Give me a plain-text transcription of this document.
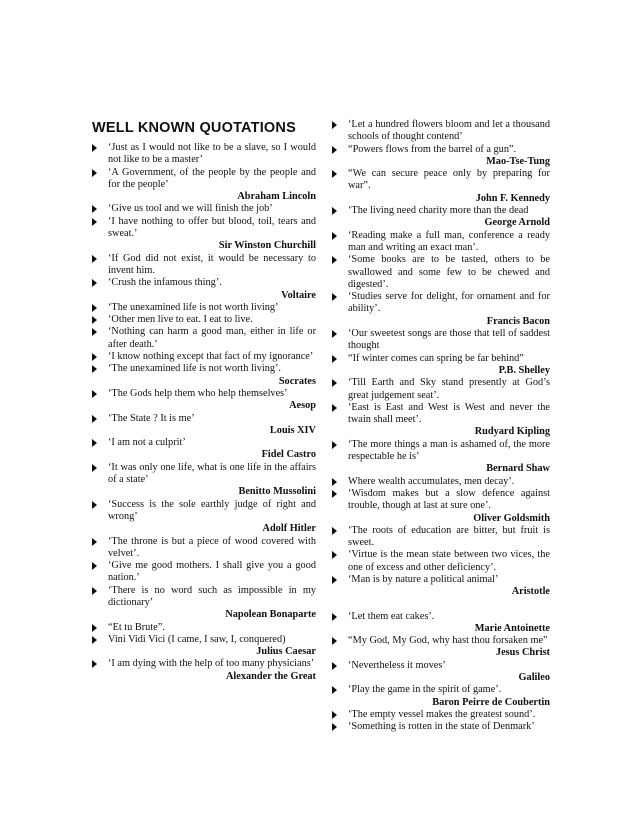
WELL KNOWN QUOTATIONS
‘Just as I would not like to be a slave, so I would not like to be a master’
‘A Government, of the people by the people and for the people’
Abraham Lincoln
‘Give us tool and we will finish the job’
‘I have nothing to offer but blood, toil, tears and sweat.’
Sir Winston Churchill
‘If God did not exist, it would be necessary to invent him.
‘Crush the infamous thing’.
Voltaire
‘The unexamined life is not worth living’
‘Other men live to eat. I eat to live.
‘Nothing can harm a good man, either in life or after death.’
‘I know nothing except that fact of my ignorance’
‘The unexamined life is not worth living’.
Socrates
‘The Gods help them who help themselves’
Aesop
‘The State ? It is me’
Louis XIV
‘I am not a culprit’
Fidel Castro
‘It was only one life, what is one life in the affairs of a state’
Benitto Mussolini
‘Success is the sole earthly judge of right and wrong’
Adolf Hitler
‘The throne is but a piece of wood covered with velvet’.
‘Give me good mothers. I shall give you a good nation.’
‘There is no word such as impossible in my dictionary’
Napolean Bonaparte
“Et tu Brute”.
Vini Vidi Vici (I came, I saw, I, conquered)
Julius Caesar
‘I am dying with the help of too many physicians’
Alexander the Great
‘Let a hundred flowers bloom and let a thousand schools of thought contend’
“Powers flows from the barrel of a gun”.
Mao-Tse-Tung
“We can secure peace only by preparing for war”.
John F. Kennedy
‘The living need charity more than the dead
George Arnold
‘Reading make a full man, conference a ready man and writing an exact man’.
‘Some books are to be tasted, others to be swallowed and some few to be chewed and digested’.
‘Studies serve for delight, for ornament and for ability’.
Francis Bacon
‘Our sweetest songs are those that tell of saddest thought
“If winter comes can spring be far behind”
P.B. Shelley
‘Till Earth and Sky stand presently at God’s great judgement seat’.
‘East is East and West is West and never the twain shall meet’.
Rudyard Kipling
‘The more things a man is ashamed of, the more respectable he is’
Bernard Shaw
Where wealth accumulates, men decay’.
‘Wisdom makes but a slow defence against trouble, though at last at sure one’.
Oliver Goldsmith
‘The roots of education are bitter, but fruit is sweet.
‘Virtue is the mean state between two vices, the one of excess and other deficiency’.
‘Man is by nature a political animal’
Aristotle
‘Let them eat cakes’.
Marie Antoinette
“My God, My God, why hast thou forsaken me”
Jesus Christ
‘Nevertheless it moves’
Galileo
‘Play the game in the spirit of game’.
Baron Peirre de Coubertin
‘The empty vessel makes the greatest sound’.
‘Something is rotten in the state of Denmark’
